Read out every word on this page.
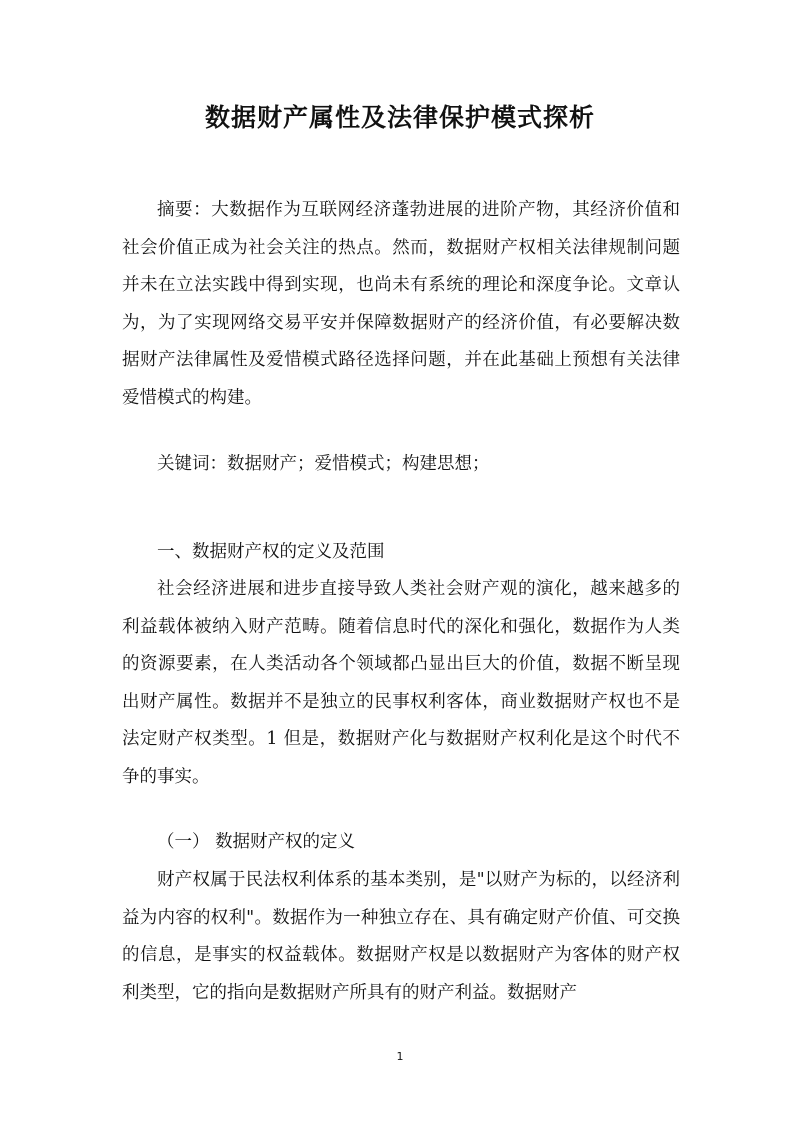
数据财产属性及法律保护模式探析

摘要：大数据作为互联网经济蓬勃进展的进阶产物，其经济价值和社会价值正成为社会关注的热点。然而，数据财产权相关法律规制问题并未在立法实践中得到实现，也尚未有系统的理论和深度争论。文章认为，为了实现网络交易平安并保障数据财产的经济价值，有必要解决数据财产法律属性及爱惜模式路径选择问题，并在此基础上预想有关法律爱惜模式的构建。

关键词：数据财产；爱惜模式；构建思想；

一、数据财产权的定义及范围

社会经济进展和进步直接导致人类社会财产观的演化，越来越多的利益载体被纳入财产范畴。随着信息时代的深化和强化，数据作为人类的资源要素，在人类活动各个领域都凸显出巨大的价值，数据不断呈现出财产属性。数据并不是独立的民事权利客体，商业数据财产权也不是法定财产权类型。1 但是，数据财产化与数据财产权利化是这个时代不争的事实。

（一） 数据财产权的定义

财产权属于民法权利体系的基本类别，是"以财产为标的，以经济利益为内容的权利"。数据作为一种独立存在、具有确定财产价值、可交换的信息，是事实的权益载体。数据财产权是以数据财产为客体的财产权利类型，它的指向是数据财产所具有的财产利益。数据财产

1
